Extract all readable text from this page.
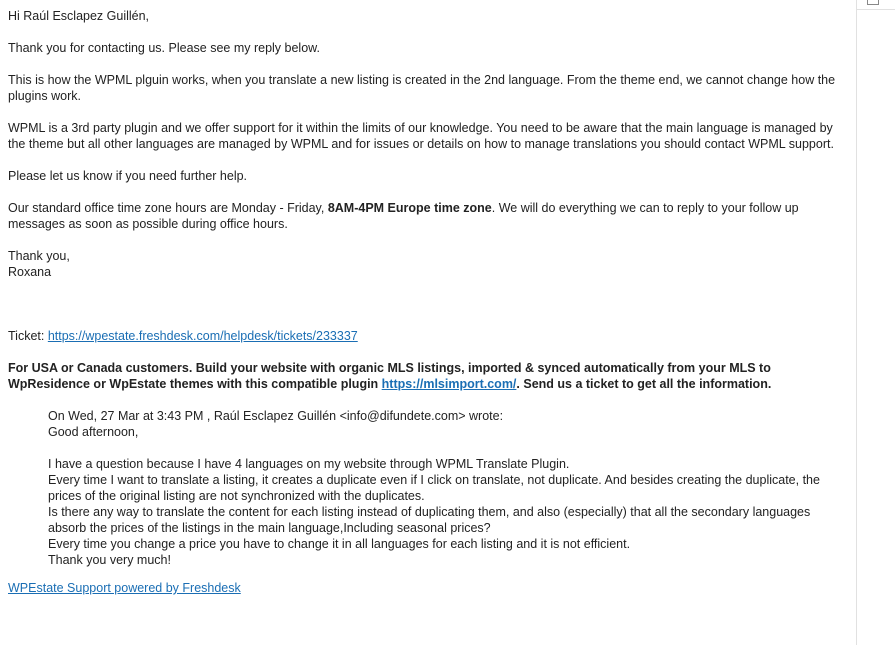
Hi Raúl Esclapez Guillén,

Thank you for contacting us. Please see my reply below.

This is how the WPML plguin works, when you translate a new listing is created in the 2nd language. From the theme end, we cannot change how the plugins work.

WPML is a 3rd party plugin and we offer support for it within the limits of our knowledge. You need to be aware that the main language is managed by the theme but all other languages are managed by WPML and for issues or details on how to manage translations you should contact WPML support.

Please let us know if you need further help.

Our standard office time zone hours are Monday - Friday, 8AM-4PM Europe time zone. We will do everything we can to reply to your follow up messages as soon as possible during office hours.

Thank you,

Roxana

Ticket: https://wpestate.freshdesk.com/helpdesk/tickets/233337

For USA or Canada customers. Build your website with organic MLS listings, imported & synced automatically from your MLS to WpResidence or WpEstate themes with this compatible plugin https://mlsimport.com/. Send us a ticket to get all the information.
On Wed, 27 Mar at 3:43 PM , Raúl Esclapez Guillén <info@difundete.com> wrote:
Good afternoon,
I have a question because I have 4 languages on my website through WPML Translate Plugin.
Every time I want to translate a listing, it creates a duplicate even if I click on translate, not duplicate. And besides creating the duplicate, the prices of the original listing are not synchronized with the duplicates.
Is there any way to translate the content for each listing instead of duplicating them, and also (especially) that all the secondary languages absorb the prices of the listings in the main language,Including seasonal prices?
Every time you change a price you have to change it in all languages for each listing and it is not efficient.
Thank you very much!
WPEstate Support powered by Freshdesk
